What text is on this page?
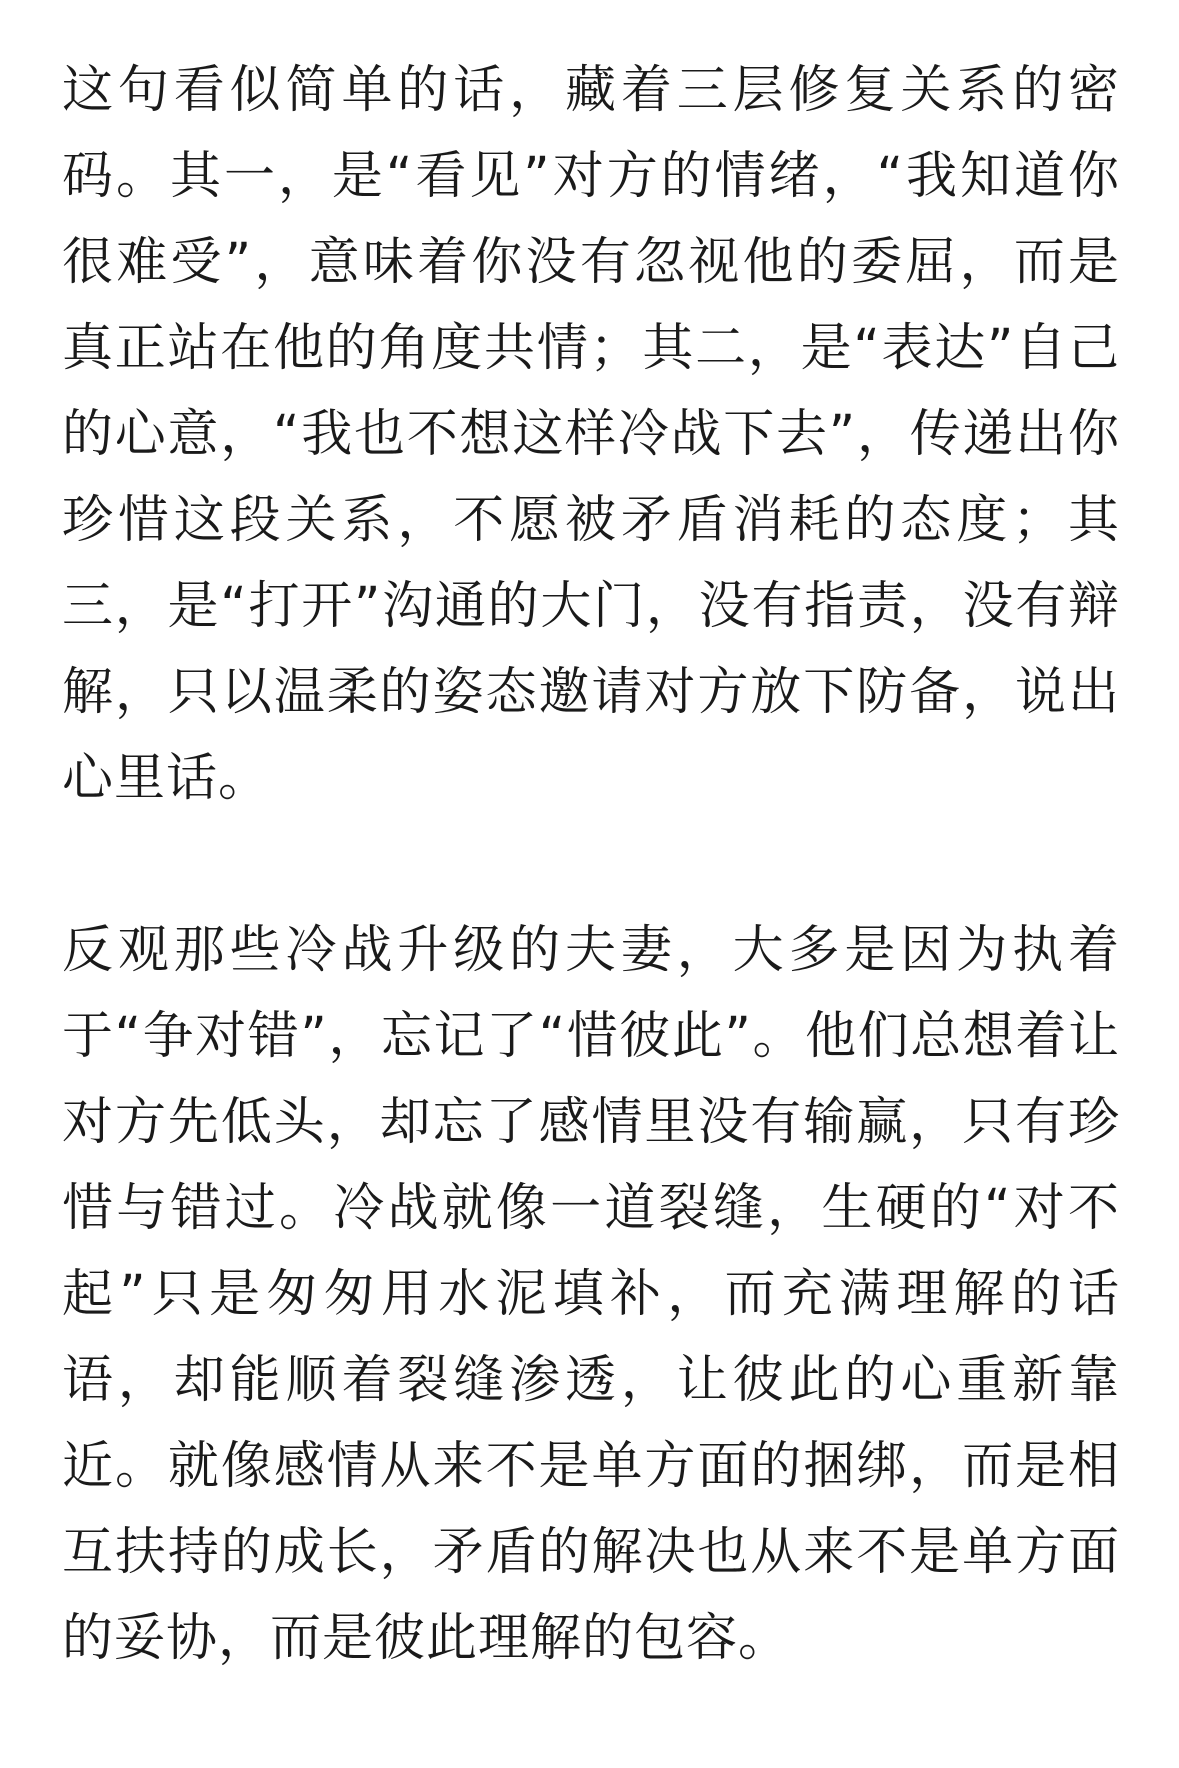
这句看似简单的话，藏着三层修复关系的密码。其一，是“看见”对方的情绪，“我知道你很难受”，意味着你没有忽视他的委屈，而是真正站在他的角度共情；其二，是“表达”自己的心意，“我也不想这样冷战下去”，传递出你珍惜这段关系，不愿被矛盾消耗的态度；其三，是“打开”沟通的大门，没有指责，没有辩解，只以温柔的姿态邀请对方放下防备，说出心里话。

反观那些冷战升级的夫妻，大多是因为执着于“争对错”，忘记了“惜彼此”。他们总想着让对方先低头，却忘了感情里没有输赢，只有珍惜与错过。冷战就像一道裂缝，生硬的“对不起”只是匆匆用水泥填补，而充满理解的话语，却能顺着裂缝渗透，让彼此的心重新靠近。就像感情从来不是单方面的捆绑，而是相互扶持的成长，矛盾的解决也从来不是单方面的妥协，而是彼此理解的包容。
